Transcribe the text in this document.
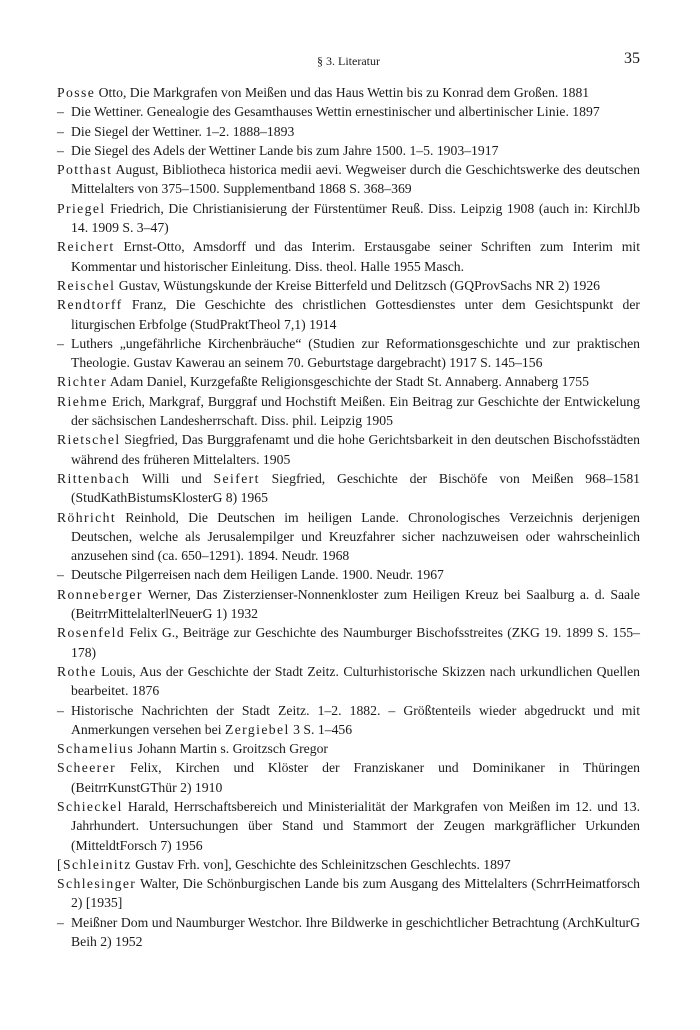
§ 3. Literatur	35

Posse Otto, Die Markgrafen von Meißen und das Haus Wettin bis zu Konrad dem Großen. 1881

– Die Wettiner. Genealogie des Gesamthauses Wettin ernestinischer und albertinischer Linie. 1897

– Die Siegel der Wettiner. 1–2. 1888–1893

– Die Siegel des Adels der Wettiner Lande bis zum Jahre 1500. 1–5. 1903–1917

Potthast August, Bibliotheca historica medii aevi. Wegweiser durch die Geschichtswerke des deutschen Mittelalters von 375–1500. Supplementband 1868 S. 368–369

Priegel Friedrich, Die Christianisierung der Fürstentümer Reuß. Diss. Leipzig 1908 (auch in: KirchlJb 14. 1909 S. 3–47)

Reichert Ernst-Otto, Amsdorff und das Interim. Erstausgabe seiner Schriften zum Interim mit Kommentar und historischer Einleitung. Diss. theol. Halle 1955 Masch.

Reischel Gustav, Wüstungskunde der Kreise Bitterfeld und Delitzsch (GQProvSachs NR 2) 1926

Rendtorff Franz, Die Geschichte des christlichen Gottesdienstes unter dem Gesichtspunkt der liturgischen Erbfolge (StudPraktTheol 7,1) 1914

– Luthers „ungefährliche Kirchenbräuche“ (Studien zur Reformationsgeschichte und zur praktischen Theologie. Gustav Kawerau an seinem 70. Geburtstage dargebracht) 1917 S. 145–156

Richter Adam Daniel, Kurzgefaßte Religionsgeschichte der Stadt St. Annaberg. Annaberg 1755

Riehme Erich, Markgraf, Burggraf und Hochstift Meißen. Ein Beitrag zur Geschichte der Entwickelung der sächsischen Landesherrschaft. Diss. phil. Leipzig 1905

Rietschel Siegfried, Das Burggrafenamt und die hohe Gerichtsbarkeit in den deutschen Bischofsstädten während des früheren Mittelalters. 1905

Rittenbach Willi und Seifert Siegfried, Geschichte der Bischöfe von Meißen 968–1581 (StudKathBistumsKlosterG 8) 1965

Röhricht Reinhold, Die Deutschen im heiligen Lande. Chronologisches Verzeichnis derjenigen Deutschen, welche als Jerusalempilger und Kreuzfahrer sicher nachzuweisen oder wahrscheinlich anzusehen sind (ca. 650–1291). 1894. Neudr. 1968

– Deutsche Pilgerreisen nach dem Heiligen Lande. 1900. Neudr. 1967

Ronneberger Werner, Das Zisterzienser-Nonnenkloster zum Heiligen Kreuz bei Saalburg a. d. Saale (BeitrrMittelalterlNeuerG 1) 1932

Rosenfeld Felix G., Beiträge zur Geschichte des Naumburger Bischofsstreites (ZKG 19. 1899 S. 155–178)

Rothe Louis, Aus der Geschichte der Stadt Zeitz. Culturhistorische Skizzen nach urkundlichen Quellen bearbeitet. 1876

– Historische Nachrichten der Stadt Zeitz. 1–2. 1882. – Größtenteils wieder abgedruckt und mit Anmerkungen versehen bei Zergiebel 3 S. 1–456

Schamelius Johann Martin s. Groitzsch Gregor

Scheerer Felix, Kirchen und Klöster der Franziskaner und Dominikaner in Thüringen (BeitrrKunstGThür 2) 1910

Schieckel Harald, Herrschaftsbereich und Ministerialität der Markgrafen von Meißen im 12. und 13. Jahrhundert. Untersuchungen über Stand und Stammort der Zeugen markgräflicher Urkunden (MitteldtForsch 7) 1956

[Schleinitz Gustav Frh. von], Geschichte des Schleinitzschen Geschlechts. 1897

Schlesinger Walter, Die Schönburgischen Lande bis zum Ausgang des Mittelalters (SchrrHeimatforsch 2) [1935]

– Meißner Dom und Naumburger Westchor. Ihre Bildwerke in geschichtlicher Betrachtung (ArchKulturG Beih 2) 1952
